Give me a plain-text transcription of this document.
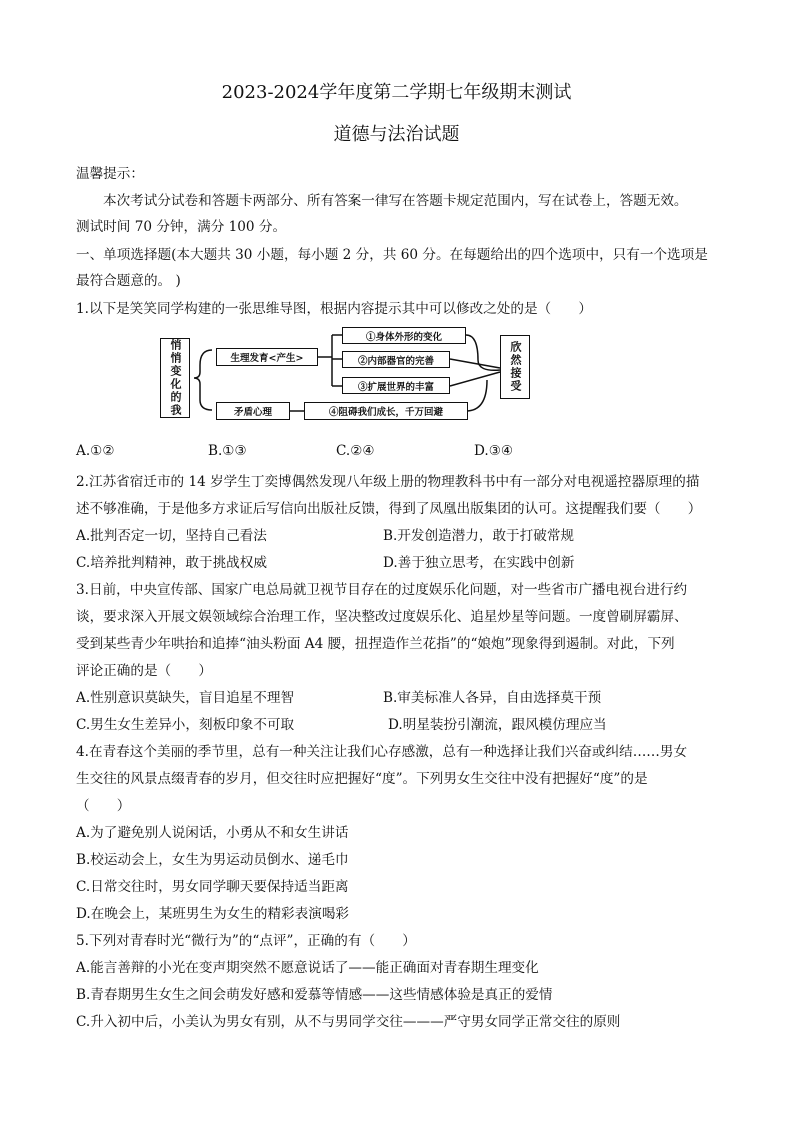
2023-2024学年度第二学期七年级期末测试
道德与法治试题
温馨提示：
本次考试分试卷和答题卡两部分、所有答案一律写在答题卡规定范围内，写在试卷上，答题无效。
测试时间 70 分钟，满分 100 分。
一、单项选择题(本大题共 30 小题，每小题 2 分，共 60 分。在每题给出的四个选项中，只有一个选项是
最符合题意的。 )
1.以下是笑笑同学构建的一张思维导图，根据内容提示其中可以修改之处的是（　　）
悄悄变化的我	生理发育<产生>
①身体外形的变化
②内部器官的完善
③扩展世界的丰富
矛盾心理	④阻碍我们成长，千万回避
欣然接受
A.①②	B.①③	C.②④	D.③④
2.江苏省宿迁市的 14 岁学生丁奕博偶然发现八年级上册的物理教科书中有一部分对电视遥控器原理的描
述不够准确，于是他多方求证后写信向出版社反馈，得到了凤凰出版集团的认可。这提醒我们要（　　）
A.批判否定一切，坚持自己看法	B.开发创造潜力，敢于打破常规
C.培养批判精神，敢于挑战权威	D.善于独立思考，在实践中创新
3.日前，中央宣传部、国家广电总局就卫视节目存在的过度娱乐化问题，对一些省市广播电视台进行约
谈，要求深入开展文娱领域综合治理工作，坚决整改过度娱乐化、追星炒星等问题。一度曾刷屏霸屏、
受到某些青少年哄抬和追捧“油头粉面 A4 腰，扭捏造作兰花指”的“娘炮”现象得到遏制。对此，下列
评论正确的是（　　）
A.性别意识莫缺失，盲目追星不理智	B.审美标准人各异，自由选择莫干预
C.男生女生差异小，刻板印象不可取	D.明星装扮引潮流，跟风模仿理应当
4.在青春这个美丽的季节里，总有一种关注让我们心存感激，总有一种选择让我们兴奋或纠结……男女
生交往的风景点缀青春的岁月，但交往时应把握好“度”。下列男女生交往中没有把握好“度”的是
（　　）
A.为了避免别人说闲话，小勇从不和女生讲话
B.校运动会上，女生为男运动员倒水、递毛巾
C.日常交往时，男女同学聊天要保持适当距离
D.在晚会上，某班男生为女生的精彩表演喝彩
5.下列对青春时光“微行为”的“点评”，正确的有（　　）
A.能言善辩的小光在变声期突然不愿意说话了——能正确面对青春期生理变化
B.青春期男生女生之间会萌发好感和爱慕等情感——这些情感体验是真正的爱情
C.升入初中后，小美认为男女有别，从不与男同学交往———严守男女同学正常交往的原则
